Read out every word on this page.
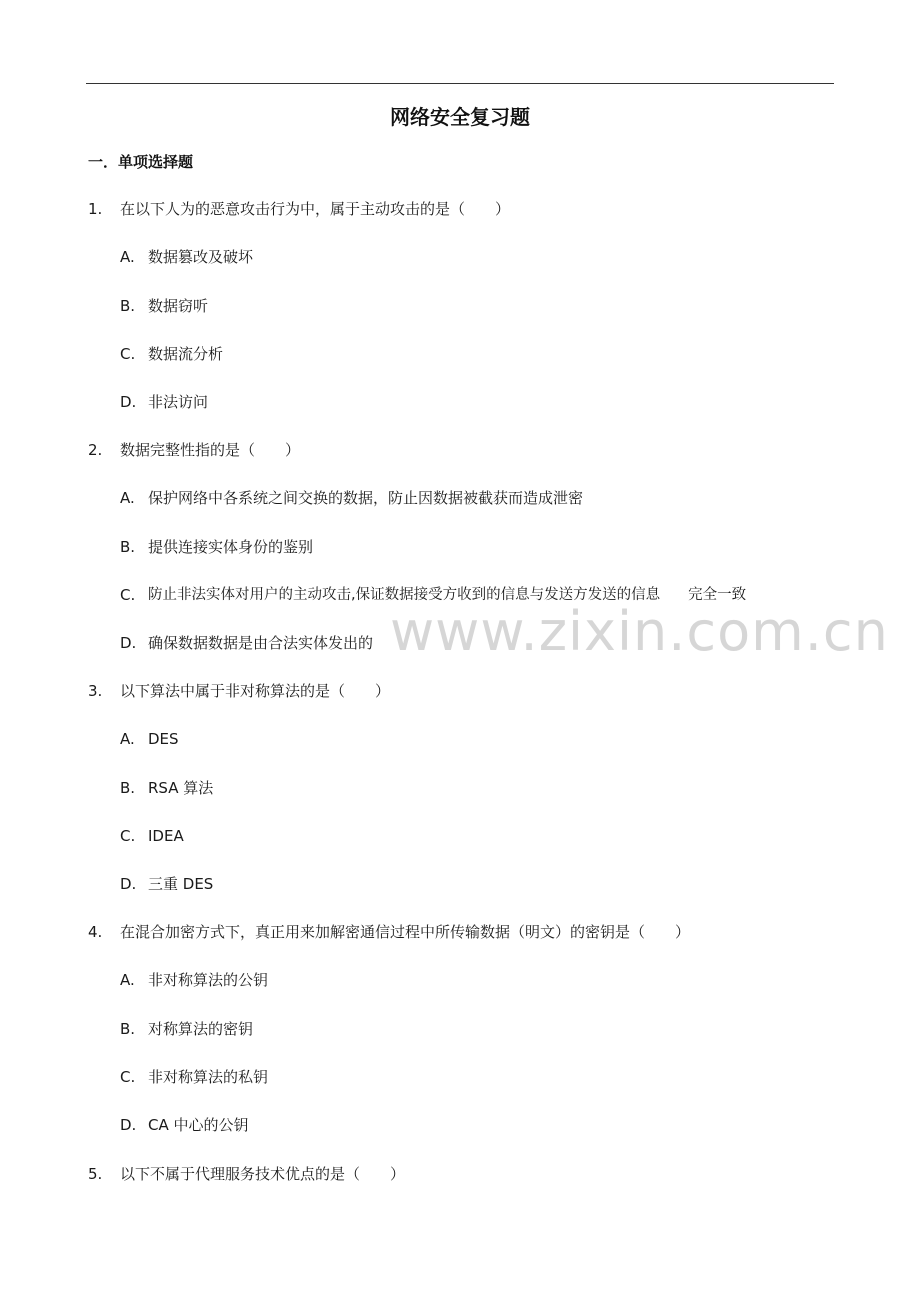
网络安全复习题
一．单项选择题
1. 在以下人为的恶意攻击行为中，属于主动攻击的是（　　）
A. 数据篡改及破坏
B. 数据窃听
C. 数据流分析
D. 非法访问
2. 数据完整性指的是（　　）
A. 保护网络中各系统之间交换的数据，防止因数据被截获而造成泄密
B. 提供连接实体身份的鉴别
C. 防止非法实体对用户的主动攻击,保证数据接受方收到的信息与发送方发送的信息 完全一致
D. 确保数据数据是由合法实体发出的
3. 以下算法中属于非对称算法的是（　　）
A. DES
B. RSA 算法
C. IDEA
D. 三重 DES
4. 在混合加密方式下，真正用来加解密通信过程中所传输数据（明文）的密钥是（　　）
A. 非对称算法的公钥
B. 对称算法的密钥
C. 非对称算法的私钥
D. CA 中心的公钥
5. 以下不属于代理服务技术优点的是（　　）
www.zixin.com.cn
